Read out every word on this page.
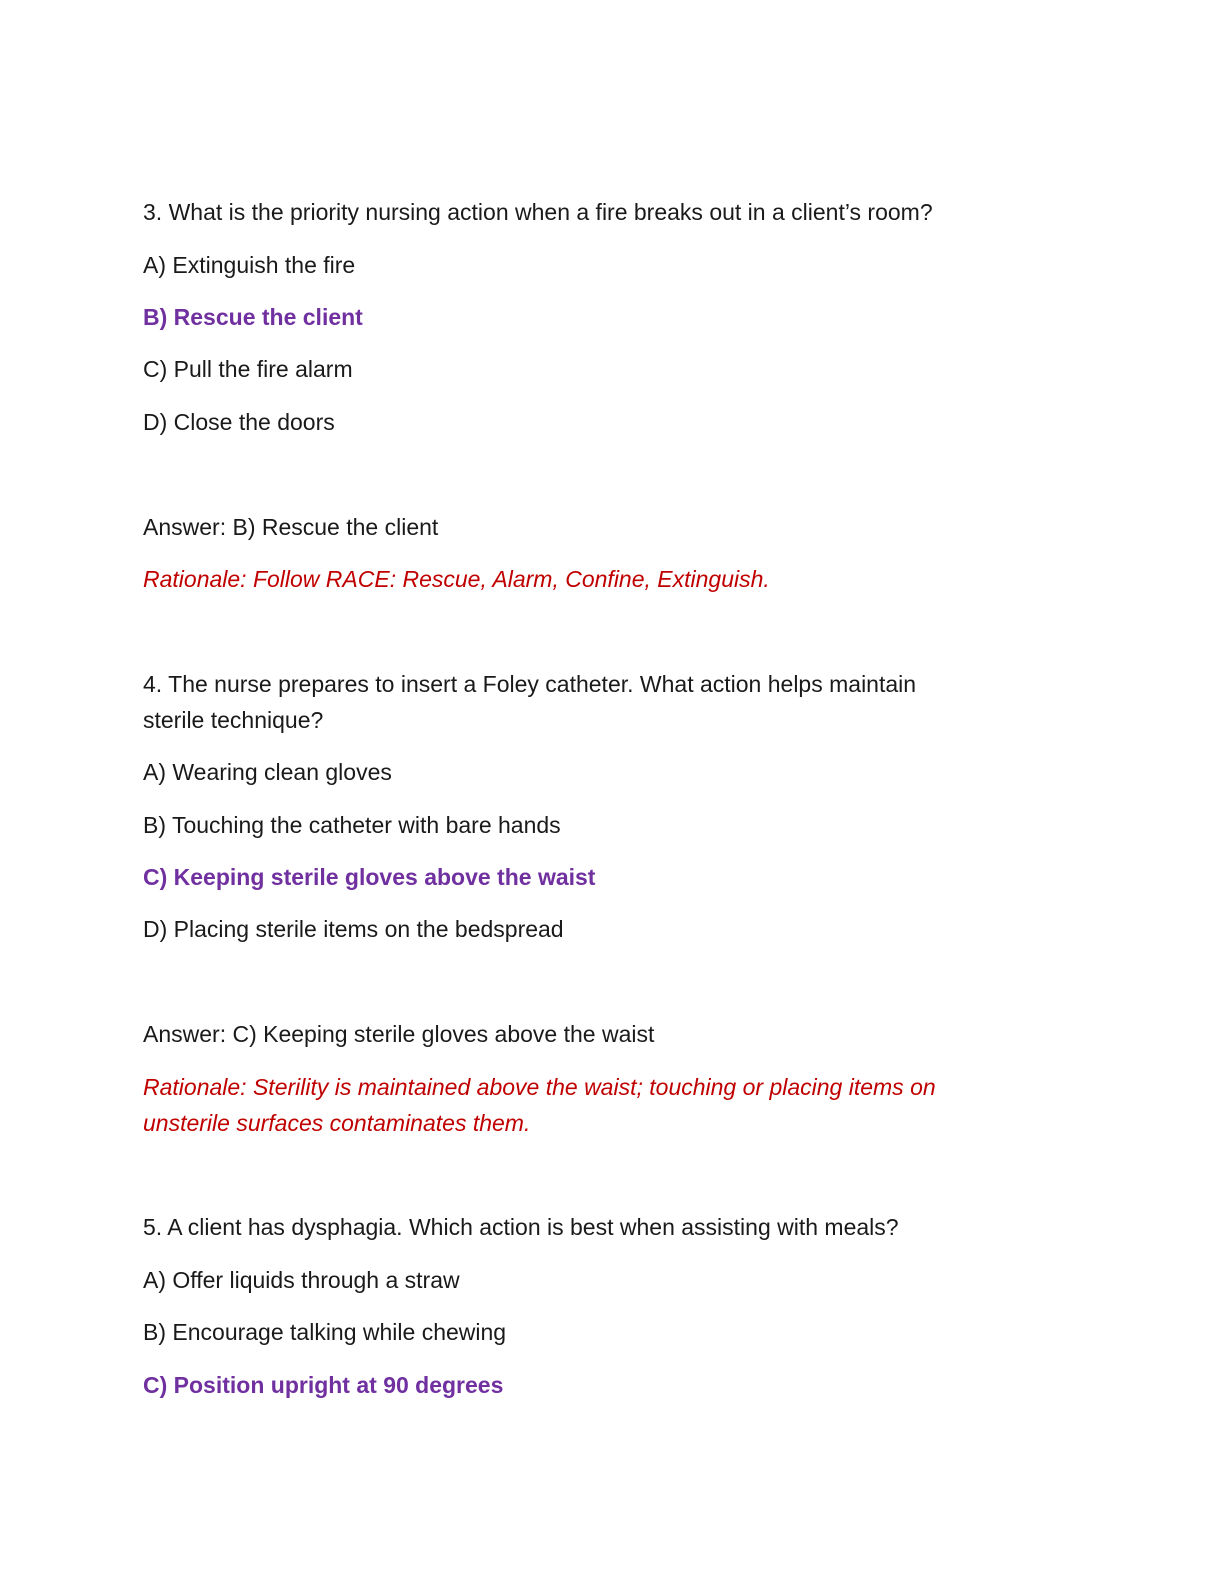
3. What is the priority nursing action when a fire breaks out in a client’s room?
A) Extinguish the fire
B) Rescue the client
C) Pull the fire alarm
D) Close the doors
Answer: B) Rescue the client
Rationale: Follow RACE: Rescue, Alarm, Confine, Extinguish.
4. The nurse prepares to insert a Foley catheter. What action helps maintain
sterile technique?
A) Wearing clean gloves
B) Touching the catheter with bare hands
C) Keeping sterile gloves above the waist
D) Placing sterile items on the bedspread
Answer: C) Keeping sterile gloves above the waist
Rationale: Sterility is maintained above the waist; touching or placing items on
unsterile surfaces contaminates them.
5. A client has dysphagia. Which action is best when assisting with meals?
A) Offer liquids through a straw
B) Encourage talking while chewing
C) Position upright at 90 degrees
